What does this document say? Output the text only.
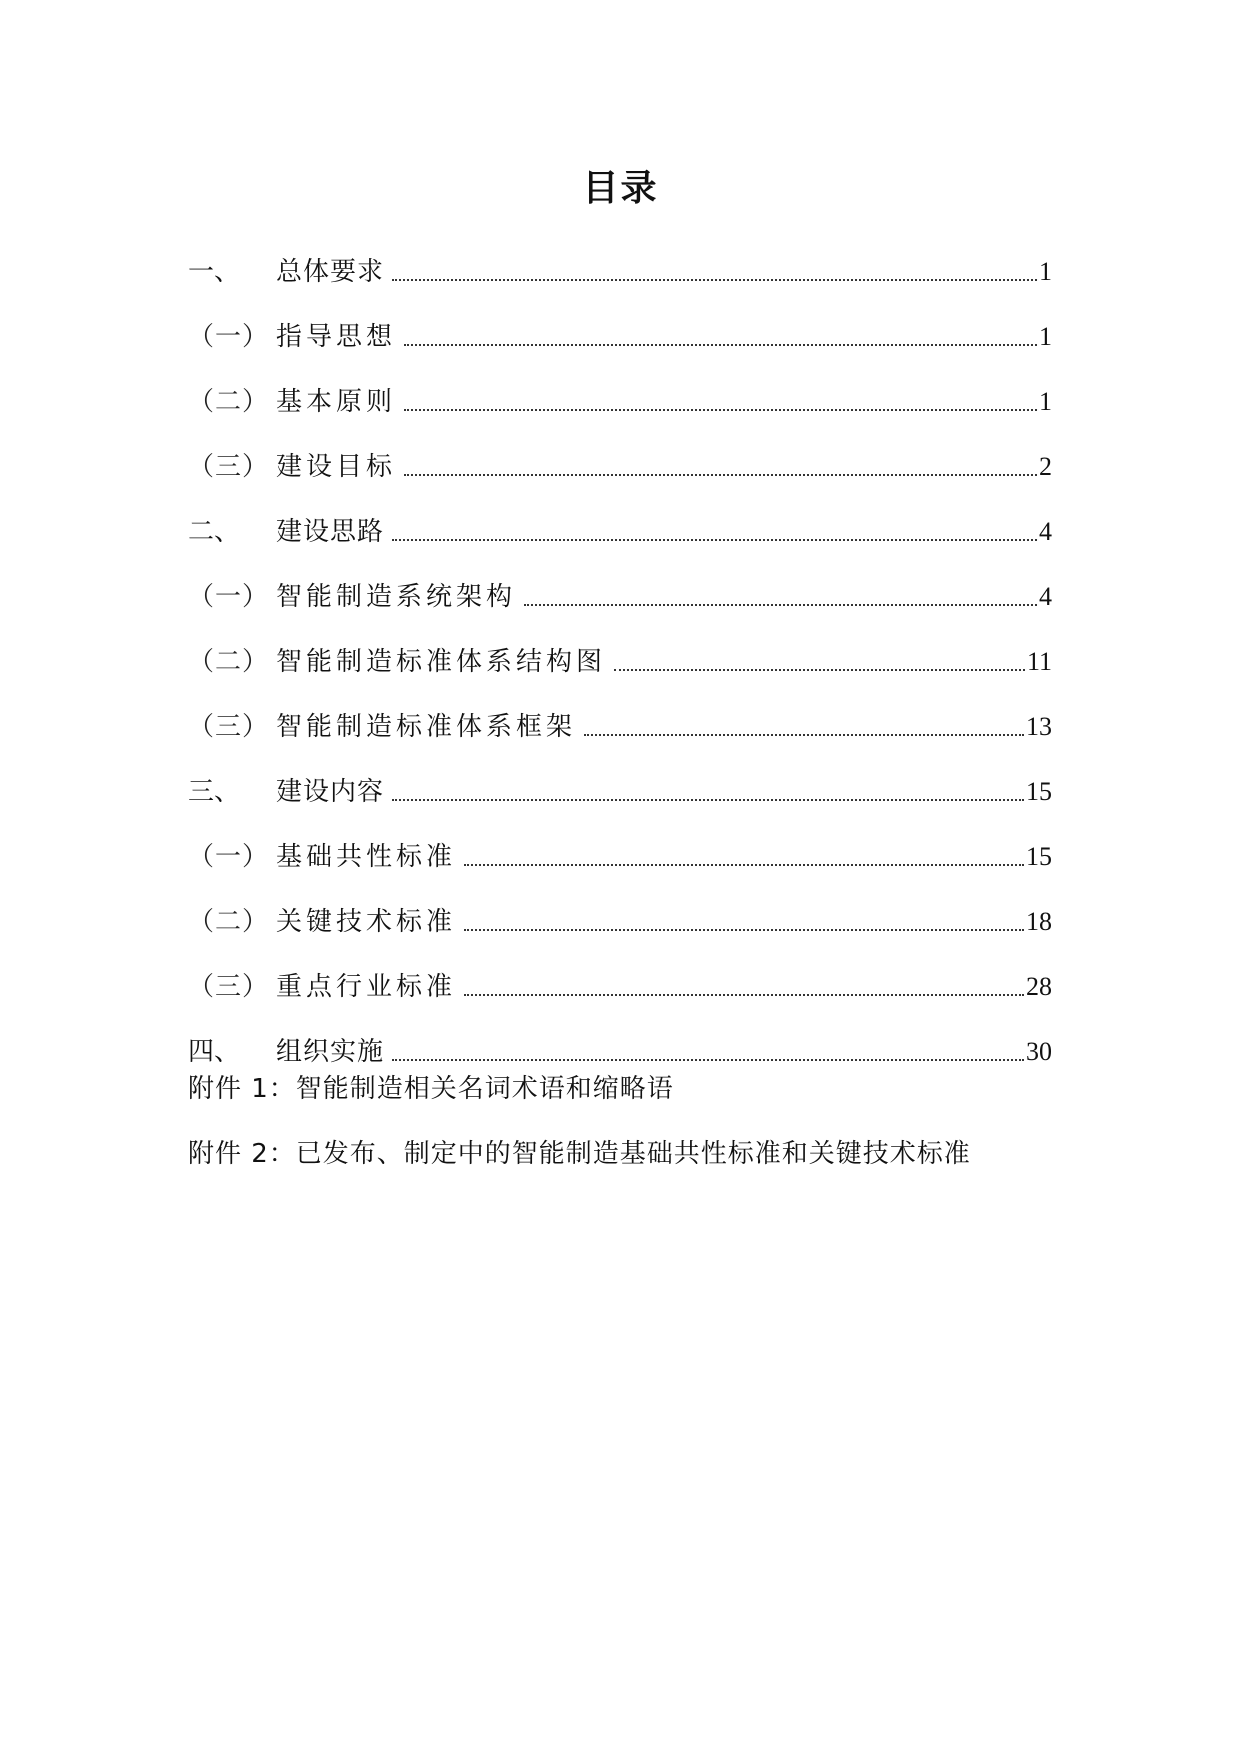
目录
一、	总体要求	1
（一） 指导思想	1
（二） 基本原则	1
（三） 建设目标	2
二、	建设思路	4
（一） 智能制造系统架构	4
（二） 智能制造标准体系结构图	11
（三） 智能制造标准体系框架	13
三、	建设内容	15
（一） 基础共性标准	15
（二） 关键技术标准	18
（三） 重点行业标准	28
四、	组织实施	30
附件 1：智能制造相关名词术语和缩略语
附件 2：已发布、制定中的智能制造基础共性标准和关键技术标准
